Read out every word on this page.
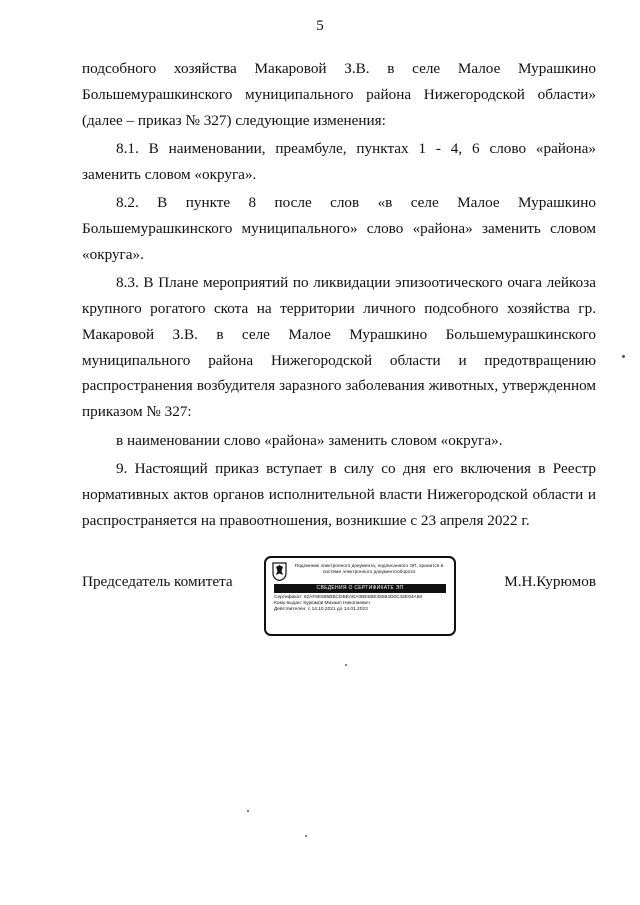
5

подсобного хозяйства Макаровой З.В. в селе Малое Мурашкино Большемурашкинского муниципального района Нижегородской области» (далее – приказ № 327) следующие изменения:

8.1. В наименовании, преамбуле, пунктах 1 - 4, 6 слово «района» заменить словом «округа».

8.2. В пункте 8 после слов «в селе Малое Мурашкино Большемурашкинского муниципального» слово «района» заменить словом «округа».

8.3. В Плане мероприятий по ликвидации эпизоотического очага лейкоза крупного рогатого скота на территории личного подсобного хозяйства гр. Макаровой З.В. в селе Малое Мурашкино Большемурашкинского муниципального района Нижегородской области и предотвращению распространения возбудителя заразного заболевания животных, утвержденном приказом № 327:

в наименовании слово «района» заменить словом «округа».

9. Настоящий приказ вступает в силу со дня его включения в Реестр нормативных актов органов исполнительной власти Нижегородской области и распространяется на правоотношения, возникшие с 23 апреля 2022 г.

Председатель комитета
Подлинник электронного документа, подписанного ЭП, хранится в системе электронного документооборота
СВЕДЕНИЯ О СЕРТИФИКАТЕ ЭП
Сертификат: 62AF0E685BBCDBEAEA0BE5BE45594D0C42E94A59
Кому выдан: Курюмов Михаил Николаевич
Действителен: с 14.10.2021 до 14.01.2023
М.Н.Курюмов
